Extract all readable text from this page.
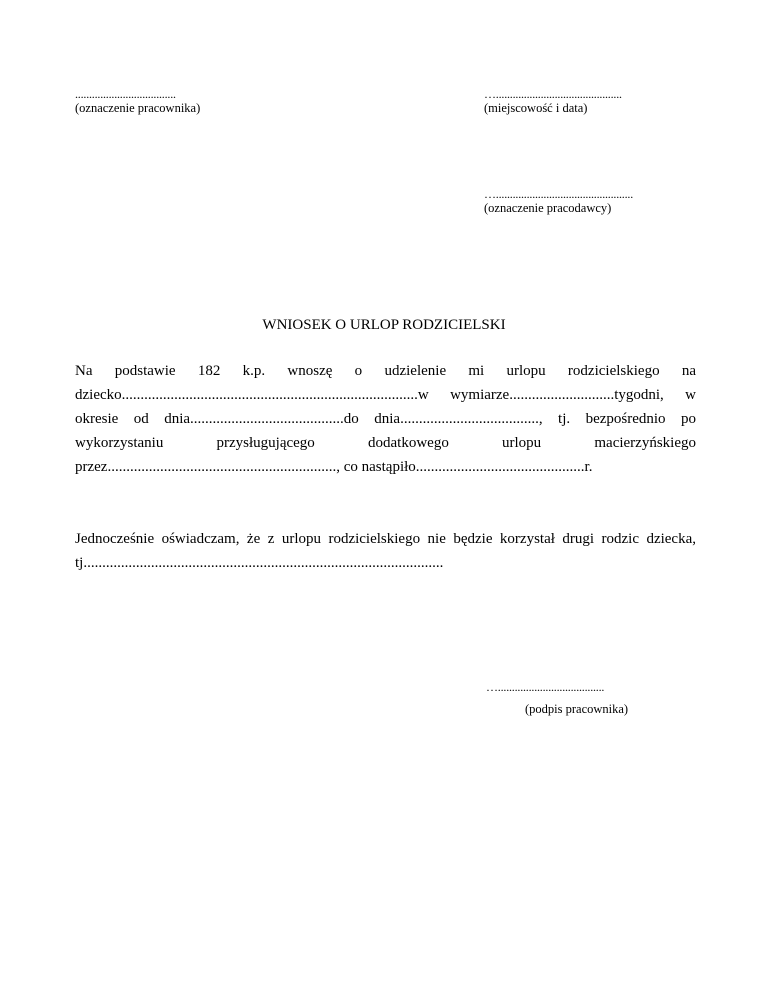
....................................
(oznaczenie pracownika)
….............................................
(miejscowość i data)
….................................................
(oznaczenie pracodawcy)
WNIOSEK O URLOP RODZICIELSKI
Na podstawie 182 k.p. wnoszę o udzielenie mi urlopu rodzicielskiego na
dziecko...............................................................................w wymiarze............................tygodni, w
okresie od dnia.........................................do dnia....................................., tj. bezpośrednio po
wykorzystaniu przysługującego dodatkowego urlopu macierzyńskiego
przez............................................................., co nastąpiło.............................................r.
Jednocześnie oświadczam, że z urlopu rodzicielskiego nie będzie korzystał drugi rodzic dziecka,
tj................................................................................................
…......................................
(podpis pracownika)
